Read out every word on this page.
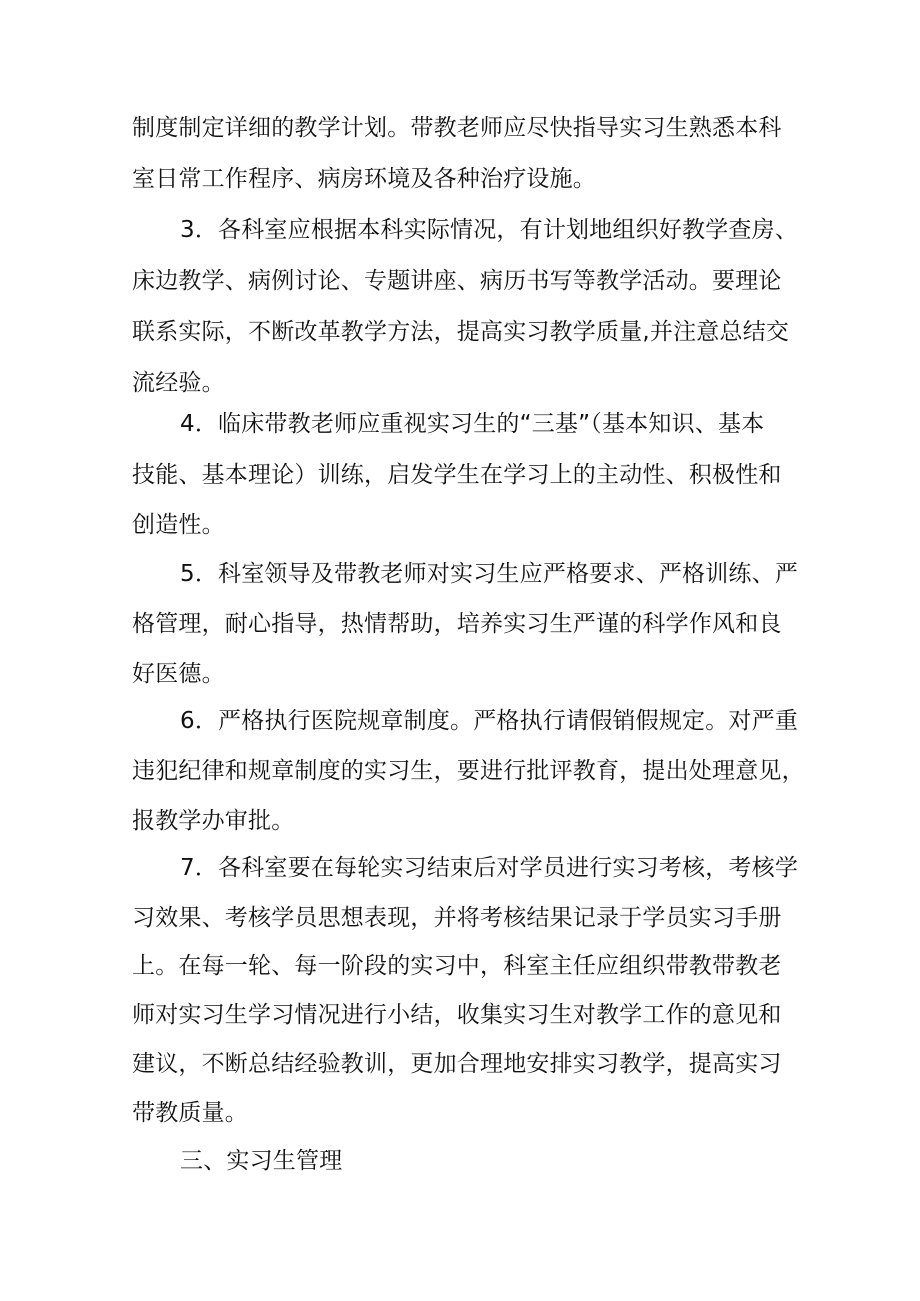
制度制定详细的教学计划。带教老师应尽快指导实习生熟悉本科
室日常工作程序、病房环境及各种治疗设施。
3．各科室应根据本科实际情况，有计划地组织好教学查房、
床边教学、病例讨论、专题讲座、病历书写等教学活动。要理论
联系实际，不断改革教学方法，提高实习教学质量,并注意总结交
流经验。
4．临床带教老师应重视实习生的“三基”（基本知识、基本
技能、基本理论）训练，启发学生在学习上的主动性、积极性和
创造性。
5．科室领导及带教老师对实习生应严格要求、严格训练、严
格管理，耐心指导，热情帮助，培养实习生严谨的科学作风和良
好医德。
6．严格执行医院规章制度。严格执行请假销假规定。对严重
违犯纪律和规章制度的实习生，要进行批评教育，提出处理意见，
报教学办审批。
7．各科室要在每轮实习结束后对学员进行实习考核，考核学
习效果、考核学员思想表现，并将考核结果记录于学员实习手册
上。在每一轮、每一阶段的实习中，科室主任应组织带教带教老
师对实习生学习情况进行小结，收集实习生对教学工作的意见和
建议，不断总结经验教训，更加合理地安排实习教学，提高实习
带教质量。
三、实习生管理
